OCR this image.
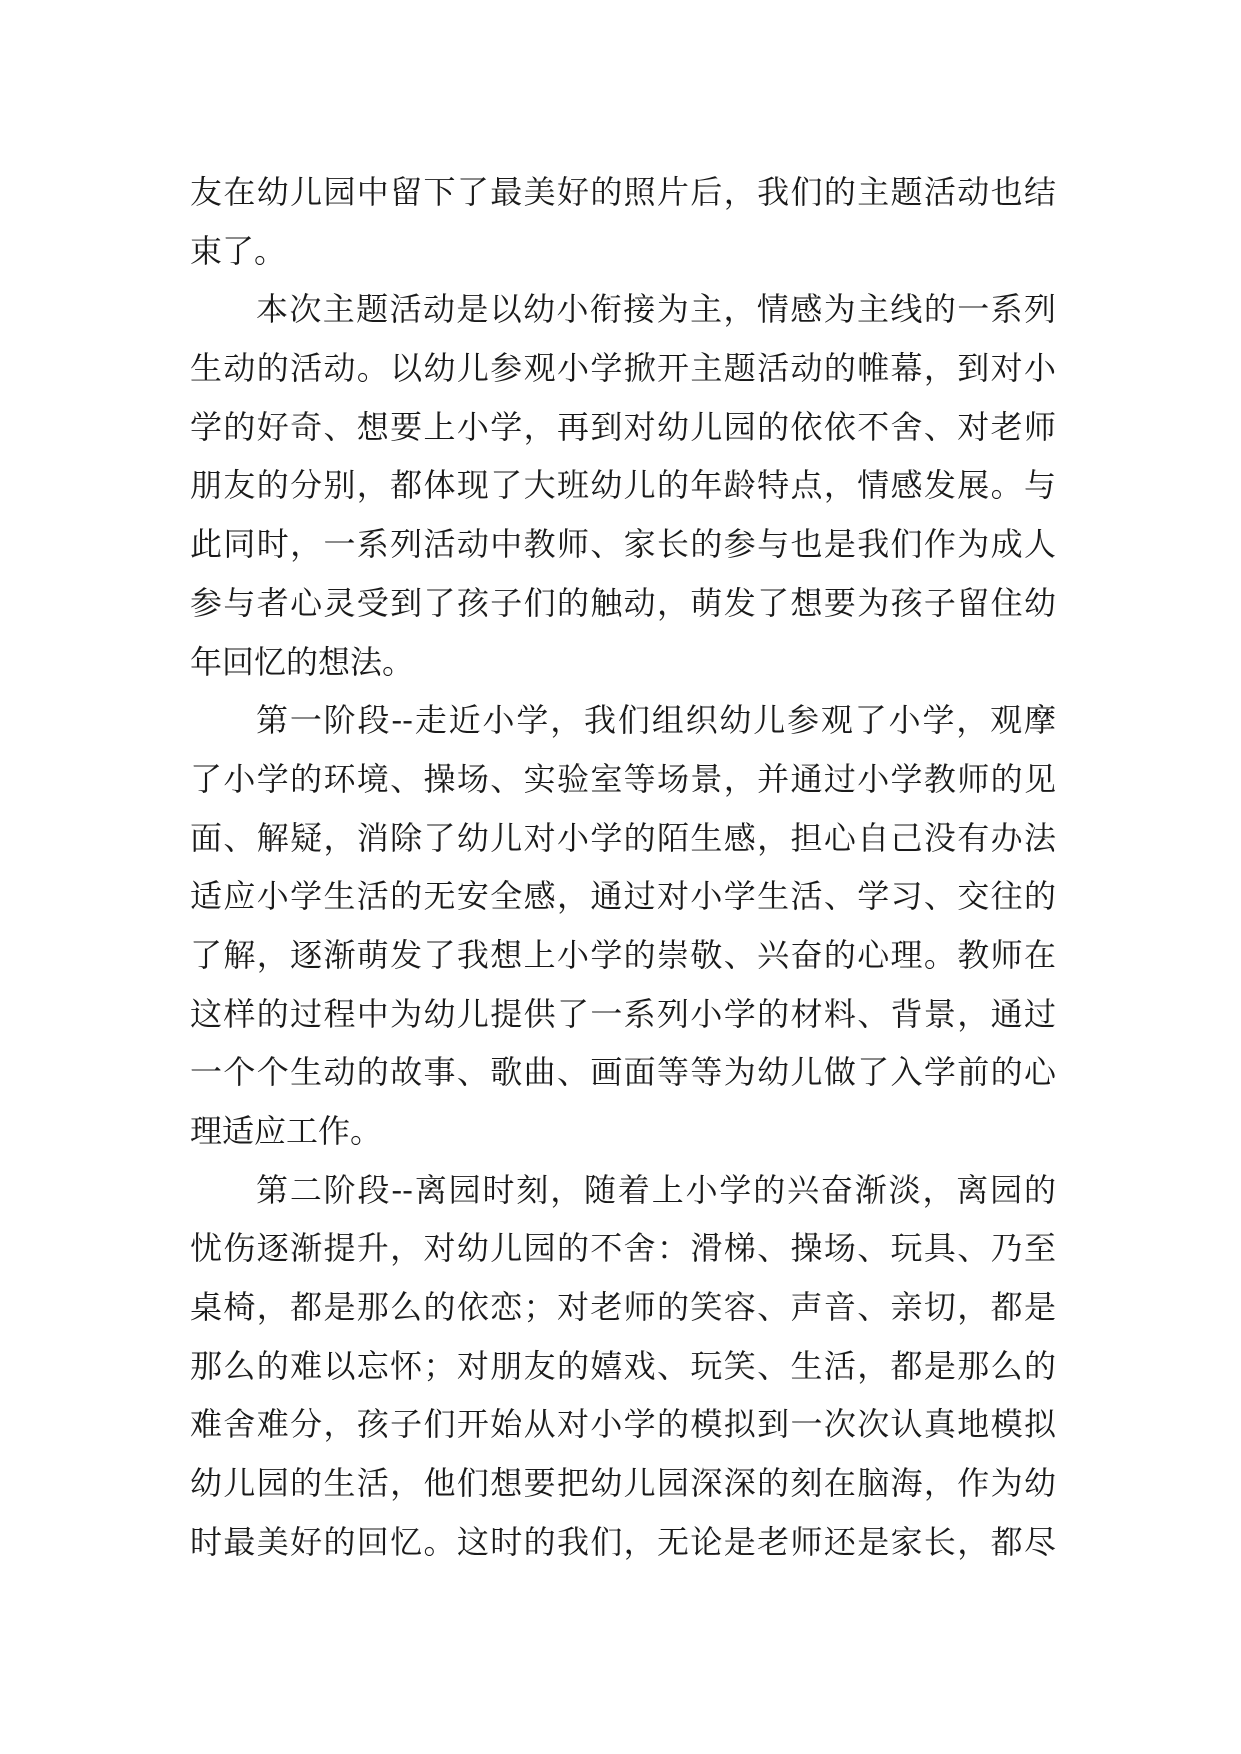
友在幼儿园中留下了最美好的照片后，我们的主题活动也结
束了。
本次主题活动是以幼小衔接为主，情感为主线的一系列
生动的活动。以幼儿参观小学掀开主题活动的帷幕，到对小
学的好奇、想要上小学，再到对幼儿园的依依不舍、对老师
朋友的分别，都体现了大班幼儿的年龄特点，情感发展。与
此同时，一系列活动中教师、家长的参与也是我们作为成人
参与者心灵受到了孩子们的触动，萌发了想要为孩子留住幼
年回忆的想法。
第一阶段--走近小学，我们组织幼儿参观了小学，观摩
了小学的环境、操场、实验室等场景，并通过小学教师的见
面、解疑，消除了幼儿对小学的陌生感，担心自己没有办法
适应小学生活的无安全感，通过对小学生活、学习、交往的
了解，逐渐萌发了我想上小学的崇敬、兴奋的心理。教师在
这样的过程中为幼儿提供了一系列小学的材料、背景，通过
一个个生动的故事、歌曲、画面等等为幼儿做了入学前的心
理适应工作。
第二阶段--离园时刻，随着上小学的兴奋渐淡，离园的
忧伤逐渐提升，对幼儿园的不舍：滑梯、操场、玩具、乃至
桌椅，都是那么的依恋；对老师的笑容、声音、亲切，都是
那么的难以忘怀；对朋友的嬉戏、玩笑、生活，都是那么的
难舍难分，孩子们开始从对小学的模拟到一次次认真地模拟
幼儿园的生活，他们想要把幼儿园深深的刻在脑海，作为幼
时最美好的回忆。这时的我们，无论是老师还是家长，都尽
